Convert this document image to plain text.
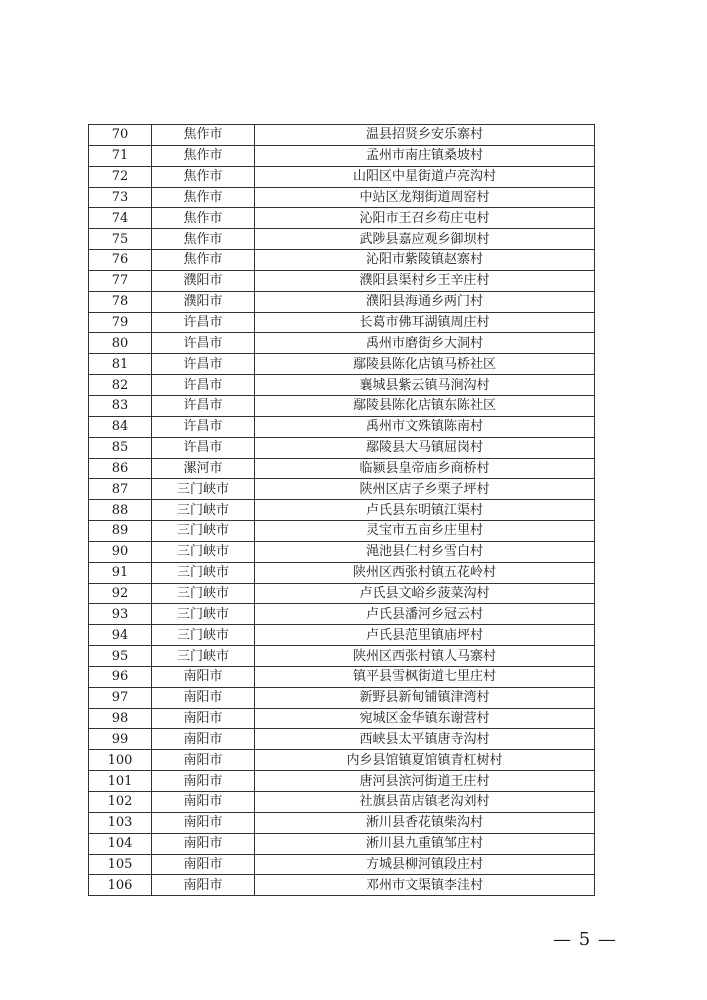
70	焦作市	温县招贤乡安乐寨村
71	焦作市	孟州市南庄镇桑坡村
72	焦作市	山阳区中星街道卢亮沟村
73	焦作市	中站区龙翔街道周窑村
74	焦作市	沁阳市王召乡苟庄屯村
75	焦作市	武陟县嘉应观乡御坝村
76	焦作市	沁阳市紫陵镇赵寨村
77	濮阳市	濮阳县渠村乡王辛庄村
78	濮阳市	濮阳县海通乡两门村
79	许昌市	长葛市佛耳湖镇周庄村
80	许昌市	禹州市磨街乡大洞村
81	许昌市	鄢陵县陈化店镇马桥社区
82	许昌市	襄城县紫云镇马涧沟村
83	许昌市	鄢陵县陈化店镇东陈社区
84	许昌市	禹州市文殊镇陈南村
85	许昌市	鄢陵县大马镇屈岗村
86	漯河市	临颍县皇帝庙乡商桥村
87	三门峡市	陕州区店子乡栗子坪村
88	三门峡市	卢氏县东明镇江渠村
89	三门峡市	灵宝市五亩乡庄里村
90	三门峡市	渑池县仁村乡雪白村
91	三门峡市	陕州区西张村镇五花岭村
92	三门峡市	卢氏县文峪乡菠菜沟村
93	三门峡市	卢氏县潘河乡冠云村
94	三门峡市	卢氏县范里镇庙坪村
95	三门峡市	陕州区西张村镇人马寨村
96	南阳市	镇平县雪枫街道七里庄村
97	南阳市	新野县新甸铺镇津湾村
98	南阳市	宛城区金华镇东谢营村
99	南阳市	西峡县太平镇唐寺沟村
100	南阳市	内乡县馆镇夏馆镇青杠树村
101	南阳市	唐河县滨河街道王庄村
102	南阳市	社旗县苗店镇老沟刘村
103	南阳市	淅川县香花镇柴沟村
104	南阳市	淅川县九重镇邹庄村
105	南阳市	方城县柳河镇段庄村
106	南阳市	邓州市文渠镇李洼村
— 5 —
